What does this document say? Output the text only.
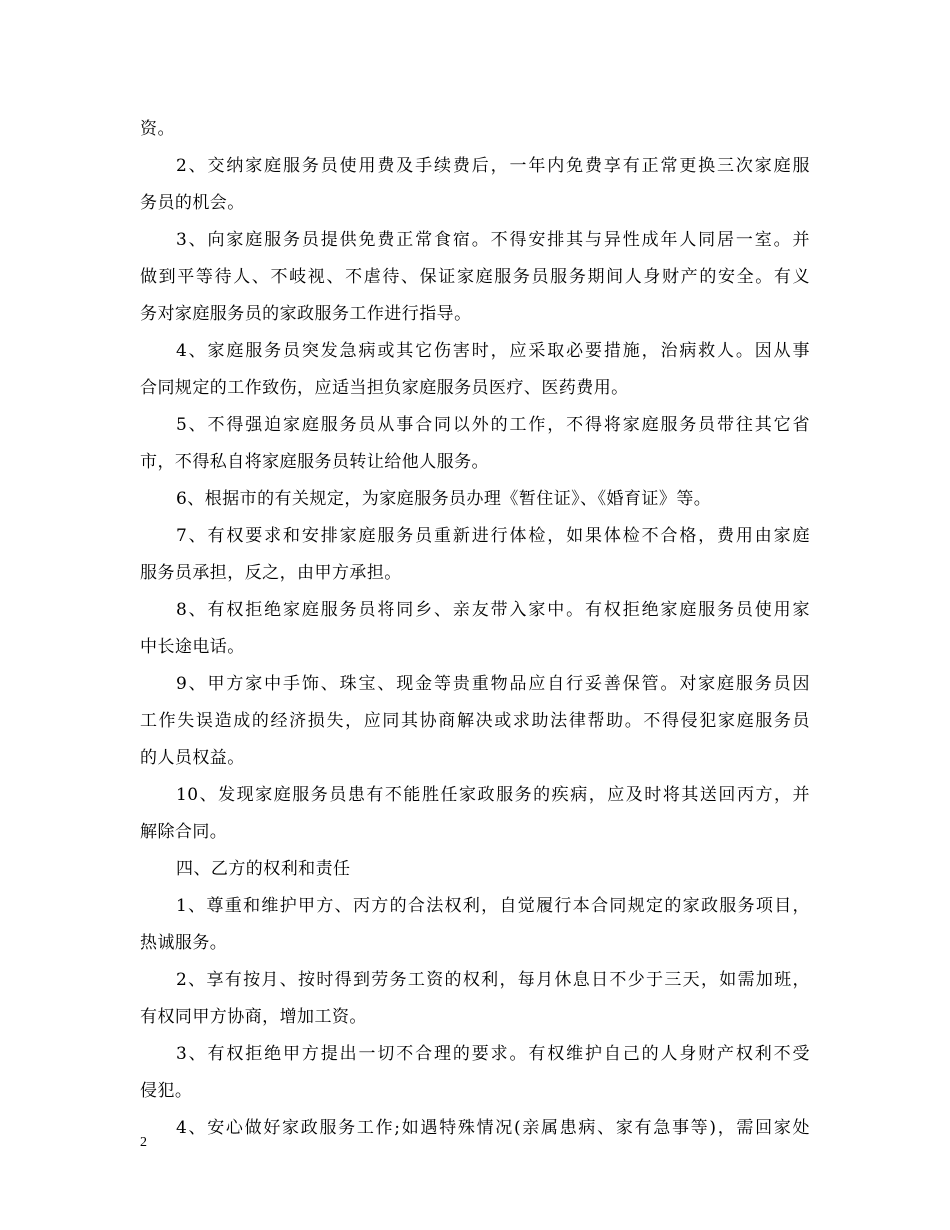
资。
2、交纳家庭服务员使用费及手续费后，一年内免费享有正常更换三次家庭服
务员的机会。
3、向家庭服务员提供免费正常食宿。不得安排其与异性成年人同居一室。并
做到平等待人、不岐视、不虐待、保证家庭服务员服务期间人身财产的安全。有义
务对家庭服务员的家政服务工作进行指导。
4、家庭服务员突发急病或其它伤害时，应采取必要措施，治病救人。因从事
合同规定的工作致伤，应适当担负家庭服务员医疗、医药费用。
5、不得强迫家庭服务员从事合同以外的工作，不得将家庭服务员带往其它省
市，不得私自将家庭服务员转让给他人服务。
6、根据市的有关规定，为家庭服务员办理《暂住证》、《婚育证》等。
7、有权要求和安排家庭服务员重新进行体检，如果体检不合格，费用由家庭
服务员承担，反之，由甲方承担。
8、有权拒绝家庭服务员将同乡、亲友带入家中。有权拒绝家庭服务员使用家
中长途电话。
9、甲方家中手饰、珠宝、现金等贵重物品应自行妥善保管。对家庭服务员因
工作失误造成的经济损失，应同其协商解决或求助法律帮助。不得侵犯家庭服务员
的人员权益。
10、发现家庭服务员患有不能胜任家政服务的疾病，应及时将其送回丙方，并
解除合同。
四、乙方的权利和责任
1、尊重和维护甲方、丙方的合法权利，自觉履行本合同规定的家政服务项目，
热诚服务。
2、享有按月、按时得到劳务工资的权利，每月休息日不少于三天，如需加班，
有权同甲方协商，增加工资。
3、有权拒绝甲方提出一切不合理的要求。有权维护自己的人身财产权利不受
侵犯。
4、安心做好家政服务工作;如遇特殊情况(亲属患病、家有急事等)，需回家处
2
